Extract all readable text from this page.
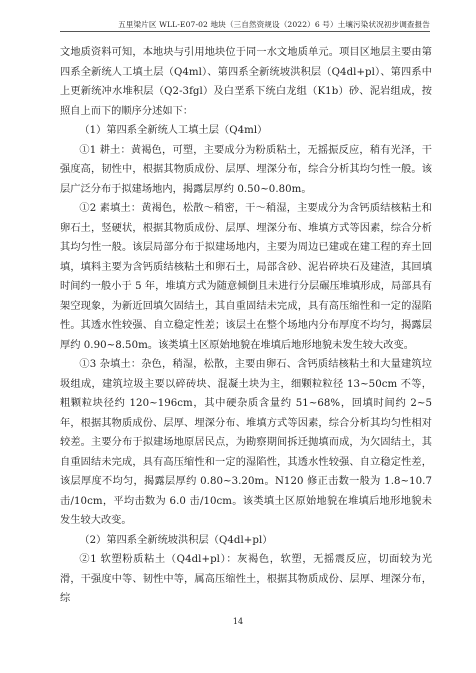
五里梁片区 WLL-E07-02 地块（三自然资规设（2022）6 号）土壤污染状况初步调查报告

文地质资料可知，本地块与引用地块位于同一水文地质单元。项目区地层主要由第四系全新统人工填土层（Q4ml）、第四系全新统坡洪积层（Q4dl+pl）、第四系中上更新统冲水堆积层（Q2-3fgl）及白垩系下统白龙组（K1b）砂、泥岩组成，按照自上而下的顺序分述如下：

（1）第四系全新统人工填土层（Q4ml）

①1 耕土：黄褐色，可塑，主要成分为粉质粘土，无摇振反应，稍有光泽，干强度高，韧性中，根据其物质成份、层厚、埋深分布，综合分析其均匀性一般。该层广泛分布于拟建场地内，揭露层厚约 0.50~0.80m。

①2 素填土：黄褐色，松散～稍密，干～稍湿，主要成分为含钙质结核粘土和卵石土，竖硬状，根据其物质成份、层厚、埋深分布、堆填方式等因素，综合分析其均匀性一般。该层局部分布于拟建场地内，主要为周边已建或在建工程的弃土回填，填料主要为含钙质结核粘土和卵石土，局部含砂、泥岩碎块石及建渣，其回填时间约一般小于 5 年，堆填方式为随意倾倒且未进行分层碾压堆填形成，局部具有架空现象，为新近回填欠固结土，其自重固结未完成，具有高压缩性和一定的湿陷性。其透水性较强、自立稳定性差；该层土在整个场地内分布厚度不均匀，揭露层厚约 0.90~8.50m。该类填土区原始地貌在堆填后地形地貌未发生较大改变。

①3 杂填土：杂色，稍湿，松散，主要由卵石、含钙质结核粘土和大量建筑垃圾组成，建筑垃圾主要以碎砖块、混凝土块为主，细颗粒粒径 13~50cm 不等，粗颗粒块径约 120~196cm，其中硬杂质含量约 51~68%，回填时间约 2~5 年，根据其物质成份、层厚、埋深分布、堆填方式等因素，综合分析其均匀性相对较差。主要分布于拟建场地原居民点，为勘察期间拆迁抛填而成，为欠固结土，其自重固结未完成，具有高压缩性和一定的湿陷性，其透水性较强、自立稳定性差，该层厚度不均匀，揭露层厚约 0.80~3.20m。N120 修正击数一般为 1.8~10.7 击/10cm，平均击数为 6.0 击/10cm。该类填土区原始地貌在堆填后地形地貌未发生较大改变。

（2）第四系全新统坡洪积层（Q4dl+pl）

②1 软塑粉质粘土（Q4dl+pl）：灰褐色，软塑，无摇震反应，切面较为光滑，干强度中等、韧性中等，属高压缩性土，根据其物质成份、层厚、埋深分布，综

14
